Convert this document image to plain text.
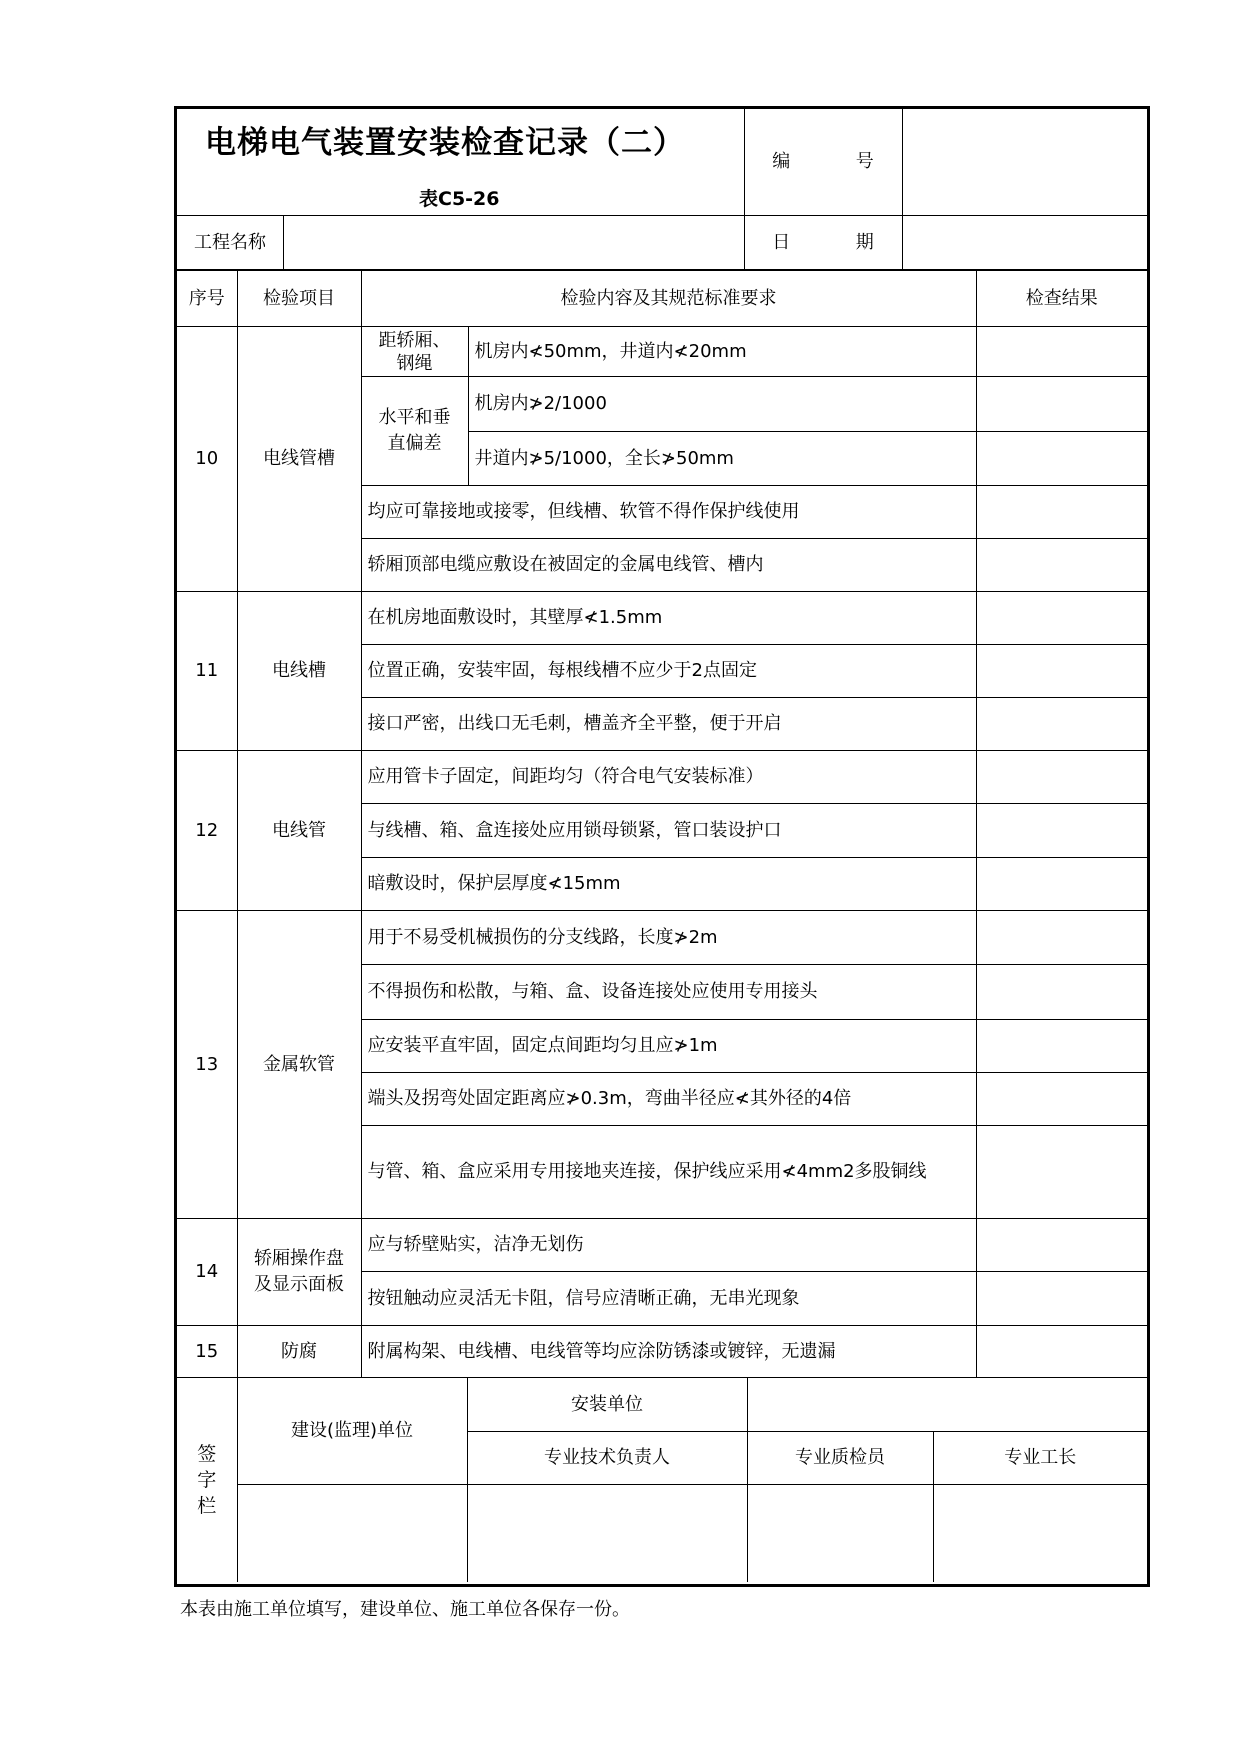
电梯电气装置安装检查记录（二）
表C5-26	编  号	

工程名称	日  期	
序号	检验项目	检验内容及其规范标准要求		检查结果
10	电线管槽	距轿厢、钢绳	机房内≮50mm，井道内≮20mm	
		水平和垂直偏差	机房内≯2/1000	
			井道内≯5/1000，全长≯50mm	
		均应可靠接地或接零，但线槽、软管不得作保护线使用		
		轿厢顶部电缆应敷设在被固定的金属电线管、槽内		
11	电线槽	在机房地面敷设时，其壁厚≮1.5mm		
		位置正确，安装牢固，每根线槽不应少于2点固定		
		接口严密，出线口无毛刺，槽盖齐全平整，便于开启		
12	电线管	应用管卡子固定，间距均匀（符合电气安装标准）		
		与线槽、箱、盒连接处应用锁母锁紧，管口装设护口		
		暗敷设时，保护层厚度≮15mm		
13	金属软管	用于不易受机械损伤的分支线路，长度≯2m		
		不得损伤和松散，与箱、盒、设备连接处应使用专用接头		
		应安装平直牢固，固定点间距均匀且应≯1m		
		端头及拐弯处固定距离应≯0.3m，弯曲半径应≮其外径的4倍		
		与管、箱、盒应采用专用接地夹连接，保护线应采用≮4mm2多股铜线		
14	轿厢操作盘及显示面板	应与轿壁贴实，洁净无划伤		
		按钮触动应灵活无卡阻，信号应清晰正确，无串光现象		
15	防腐	附属构架、电线槽、电线管等均应涂防锈漆或镀锌，无遗漏		

签字栏	建设(监理)单位
安装单位
专业技术负责人 专业质检员 专业工长			
本表由施工单位填写，建设单位、施工单位各保存一份。
